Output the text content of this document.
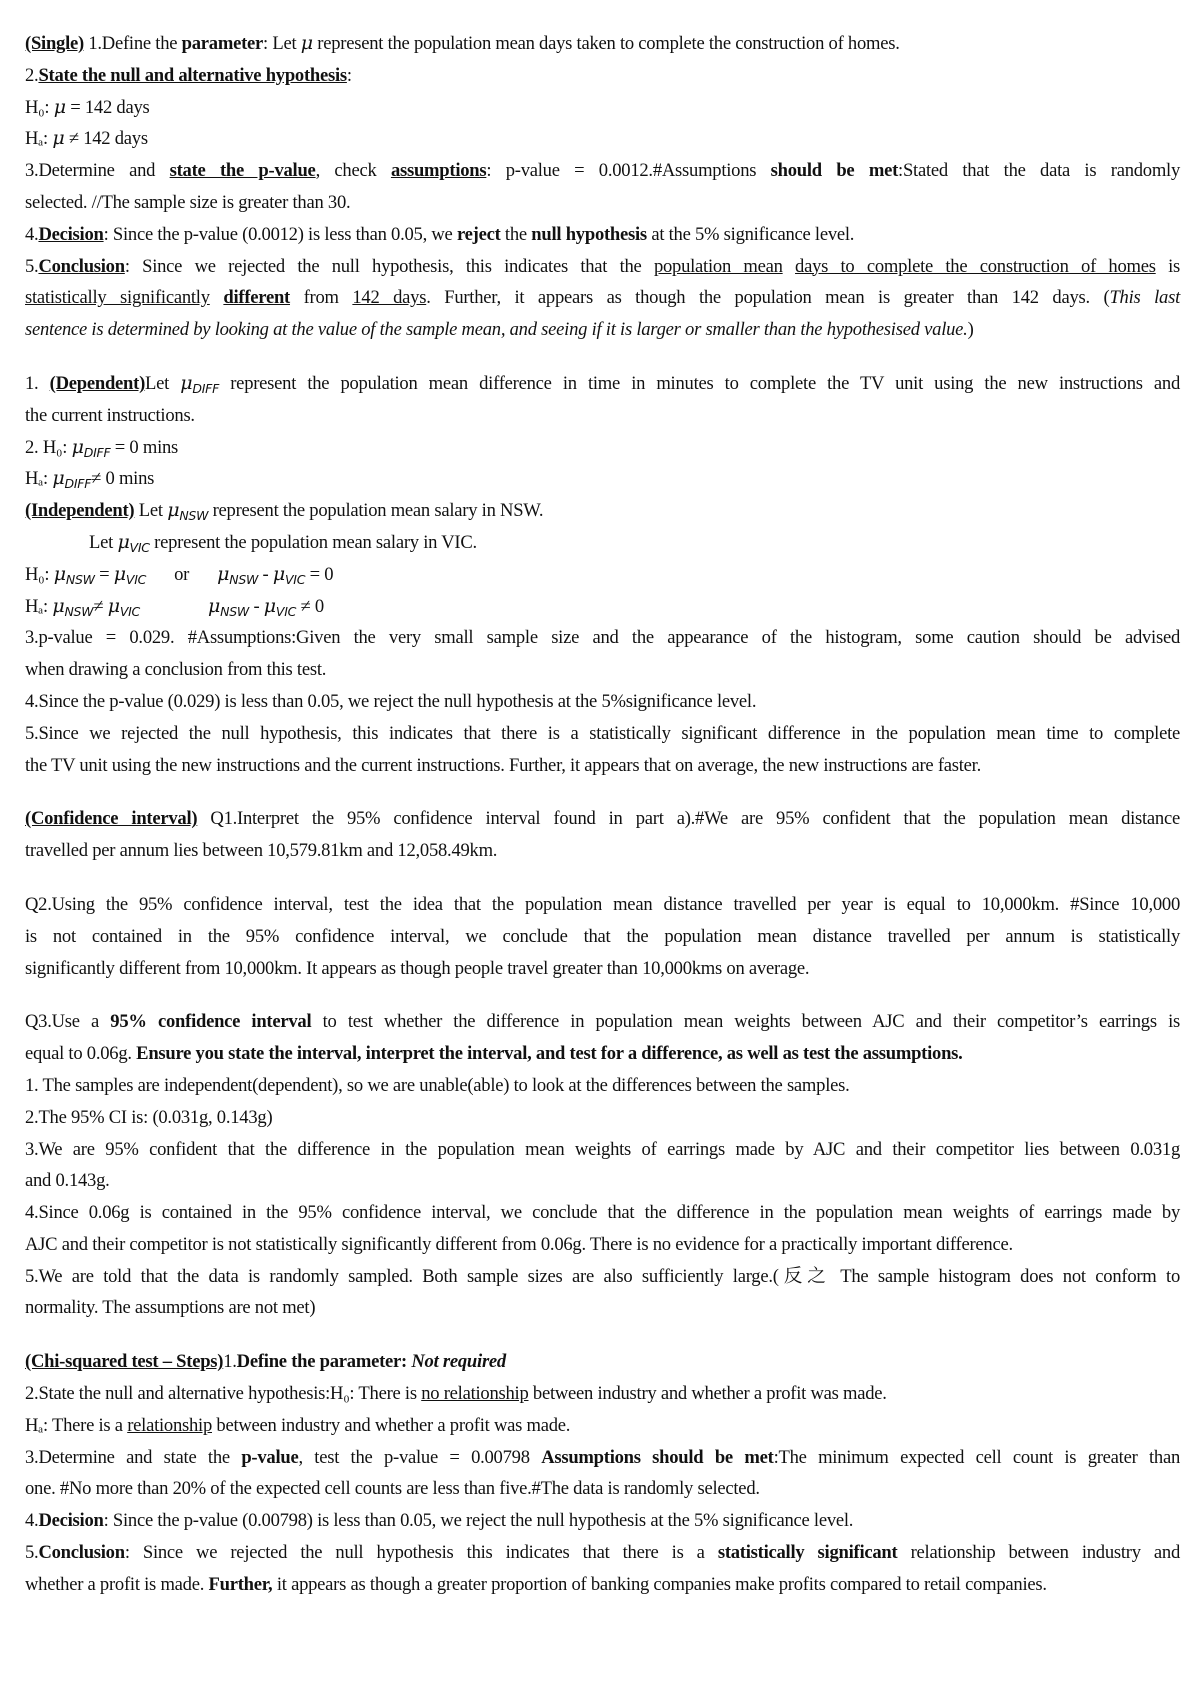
(Single) 1.Define the parameter: Let μ represent the population mean days taken to complete the construction of homes.
2.State the null and alternative hypothesis:
H₀: μ = 142 days
Hₐ: μ ≠ 142 days
3.Determine and state the p-value, check assumptions: p-value = 0.0012.#Assumptions should be met:Stated that the data is randomly
selected. //The sample size is greater than 30.
4.Decision: Since the p-value (0.0012) is less than 0.05, we reject the null hypothesis at the 5% significance level.
5.Conclusion: Since we rejected the null hypothesis, this indicates that the population mean days to complete the construction of homes is
statistically significantly different from 142 days. Further, it appears as though the population mean is greater than 142 days. (This last
sentence is determined by looking at the value of the sample mean, and seeing if it is larger or smaller than the hypothesised value.)
1. (Dependent)Let $\mu_{DIFF}$ represent the population mean difference in time in minutes to complete the TV unit using the new instructions and
the current instructions.
2. H₀: $\mu_{DIFF} = 0$ mins
Hₐ: $\mu_{DIFF}\ne 0$ mins
(Independent) Let $\mu_{NSW}$ represent the population mean salary in NSW.
Let $\mu_{VIC}$ represent the population mean salary in VIC.
H₀: $\mu_{NSW} = \mu_{VIC}$ or $\mu_{NSW} - \mu_{VIC} = 0$
Hₐ: $\mu_{NSW}\ne \mu_{VIC}$	$\mu_{NSW} - \mu_{VIC} \ne 0$
3.p-value = 0.029. #Assumptions:Given the very small sample size and the appearance of the histogram, some caution should be advised
when drawing a conclusion from this test.
4.Since the p-value (0.029) is less than 0.05, we reject the null hypothesis at the 5%significance level.
5.Since we rejected the null hypothesis, this indicates that there is a statistically significant difference in the population mean time to complete
the TV unit using the new instructions and the current instructions. Further, it appears that on average, the new instructions are faster.
(Confidence interval) Q1.Interpret the 95% confidence interval found in part a).#We are 95% confident that the population mean distance
travelled per annum lies between 10,579.81km and 12,058.49km.
Q2.Using the 95% confidence interval, test the idea that the population mean distance travelled per year is equal to 10,000km. #Since 10,000
is not contained in the 95% confidence interval, we conclude that the population mean distance travelled per annum is statistically
significantly different from 10,000km. It appears as though people travel greater than 10,000kms on average.
Q3.Use a 95% confidence interval to test whether the difference in population mean weights between AJC and their competitor’s earrings is
equal to 0.06g. Ensure you state the interval, interpret the interval, and test for a difference, as well as test the assumptions.
1. The samples are independent(dependent), so we are unable(able) to look at the differences between the samples.
2.The 95% CI is: (0.031g, 0.143g)
3.We are 95% confident that the difference in the population mean weights of earrings made by AJC and their competitor lies between 0.031g
and 0.143g.
4.Since 0.06g is contained in the 95% confidence interval, we conclude that the difference in the population mean weights of earrings made by
AJC and their competitor is not statistically significantly different from 0.06g. There is no evidence for a practically important difference.
5.We are told that the data is randomly sampled. Both sample sizes are also sufficiently large.(反之 The sample histogram does not conform to
normality. The assumptions are not met)
(Chi-squared test – Steps)1.Define the parameter: Not required
2.State the null and alternative hypothesis:H₀: There is no relationship between industry and whether a profit was made.
Hₐ: There is a relationship between industry and whether a profit was made.
3.Determine and state the p-value, test the p-value = 0.00798 Assumptions should be met:The minimum expected cell count is greater than
one. #No more than 20% of the expected cell counts are less than five.#The data is randomly selected.
4.Decision: Since the p-value (0.00798) is less than 0.05, we reject the null hypothesis at the 5% significance level.
5.Conclusion: Since we rejected the null hypothesis this indicates that there is a statistically significant relationship between industry and
whether a profit is made. Further, it appears as though a greater proportion of banking companies make profits compared to retail companies.
